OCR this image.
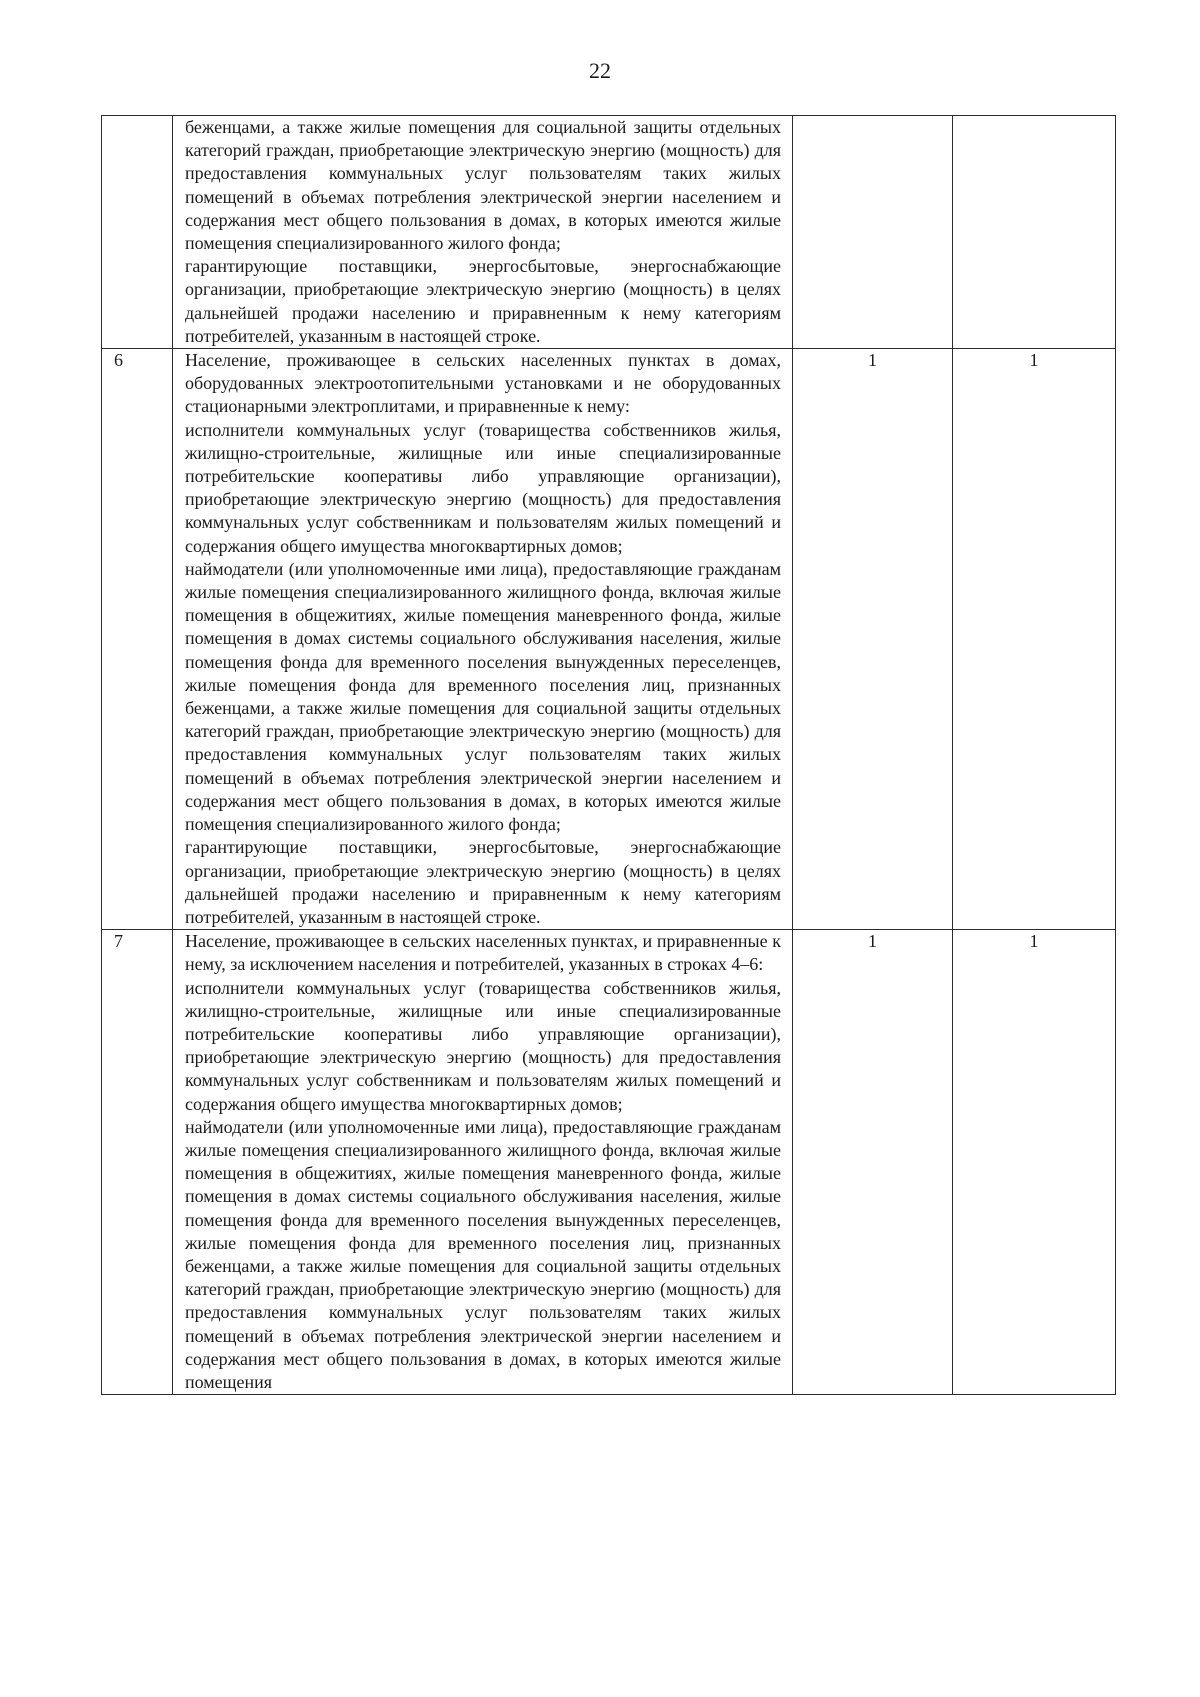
22

	беженцами, а также жилые помещения для социальной защиты отдельных категорий граждан, приобретающие электрическую энергию (мощность) для предоставления коммунальных услуг пользователям таких жилых помещений в объемах потребления электрической энергии населением и содержания мест общего пользования в домах, в которых имеются жилые помещения специализированного жилого фонда;

гарантирующие поставщики, энергосбытовые, энергоснабжающие организации, приобретающие электрическую энергию (мощность) в целях дальнейшей продажи населению и приравненным к нему категориям потребителей, указанным в настоящей строке.		

6	Население, проживающее в сельских населенных пунктах в домах, оборудованных электроотопительными установками и не оборудованных стационарными электроплитами, и приравненные к нему:

исполнители коммунальных услуг (товарищества собственников жилья, жилищно-строительные, жилищные или иные специализированные потребительские кооперативы либо управляющие организации), приобретающие электрическую энергию (мощность) для предоставления коммунальных услуг собственникам и пользователям жилых помещений и содержания общего имущества многоквартирных домов;

наймодатели (или уполномоченные ими лица), предоставляющие гражданам жилые помещения специализированного жилищного фонда, включая жилые помещения в общежитиях, жилые помещения маневренного фонда, жилые помещения в домах системы социального обслуживания населения, жилые помещения фонда для временного поселения вынужденных переселенцев, жилые помещения фонда для временного поселения лиц, признанных беженцами, а также жилые помещения для социальной защиты отдельных категорий граждан, приобретающие электрическую энергию (мощность) для предоставления коммунальных услуг пользователям таких жилых помещений в объемах потребления электрической энергии населением и содержания мест общего пользования в домах, в которых имеются жилые помещения специализированного жилого фонда;

гарантирующие поставщики, энергосбытовые, энергоснабжающие организации, приобретающие электрическую энергию (мощность) в целях дальнейшей продажи населению и приравненным к нему категориям потребителей, указанным в настоящей строке.	1	1
7	Население, проживающее в сельских населенных пунктах, и приравненные к нему, за исключением населения и потребителей, указанных в строках 4–6:

исполнители коммунальных услуг (товарищества собственников жилья, жилищно-строительные, жилищные или иные специализированные потребительские кооперативы либо управляющие организации), приобретающие электрическую энергию (мощность) для предоставления коммунальных услуг собственникам и пользователям жилых помещений и содержания общего имущества многоквартирных домов;

наймодатели (или уполномоченные ими лица), предоставляющие гражданам жилые помещения специализированного жилищного фонда, включая жилые помещения в общежитиях, жилые помещения маневренного фонда, жилые помещения в домах системы социального обслуживания населения, жилые помещения фонда для временного поселения вынужденных переселенцев, жилые помещения фонда для временного поселения лиц, признанных беженцами, а также жилые помещения для социальной защиты отдельных категорий граждан, приобретающие электрическую энергию (мощность) для предоставления коммунальных услуг пользователям таких жилых помещений в объемах потребления электрической энергии населением и содержания мест общего пользования в домах, в которых имеются жилые помещения	1	1
